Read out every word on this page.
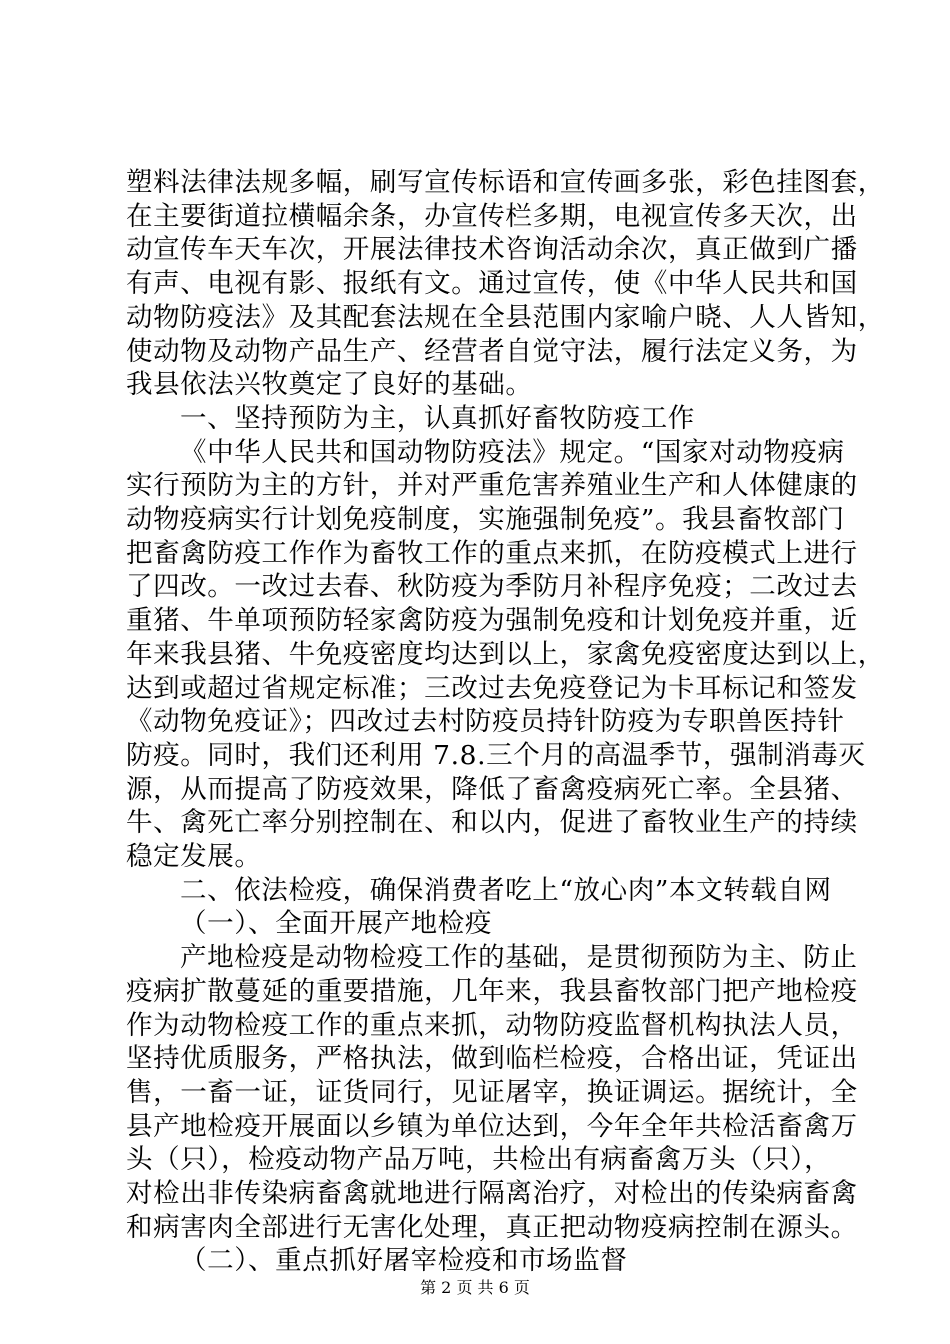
塑料法律法规多幅，刷写宣传标语和宣传画多张，彩色挂图套，
在主要街道拉横幅余条，办宣传栏多期，电视宣传多天次，出
动宣传车天车次，开展法律技术咨询活动余次，真正做到广播
有声、电视有影、报纸有文。通过宣传，使《中华人民共和国
动物防疫法》及其配套法规在全县范围内家喻户晓、人人皆知，
使动物及动物产品生产、经营者自觉守法，履行法定义务，为
我县依法兴牧奠定了良好的基础。
一、坚持预防为主，认真抓好畜牧防疫工作
《中华人民共和国动物防疫法》规定。“国家对动物疫病
实行预防为主的方针，并对严重危害养殖业生产和人体健康的
动物疫病实行计划免疫制度，实施强制免疫”。我县畜牧部门
把畜禽防疫工作作为畜牧工作的重点来抓，在防疫模式上进行
了四改。一改过去春、秋防疫为季防月补程序免疫；二改过去
重猪、牛单项预防轻家禽防疫为强制免疫和计划免疫并重，近
年来我县猪、牛免疫密度均达到以上，家禽免疫密度达到以上，
达到或超过省规定标准；三改过去免疫登记为卡耳标记和签发
《动物免疫证》；四改过去村防疫员持针防疫为专职兽医持针
防疫。同时，我们还利用 7.8.三个月的高温季节，强制消毒灭
源，从而提高了防疫效果，降低了畜禽疫病死亡率。全县猪、
牛、禽死亡率分别控制在、和以内，促进了畜牧业生产的持续
稳定发展。
二、依法检疫，确保消费者吃上“放心肉”本文转载自网
（一）、全面开展产地检疫
产地检疫是动物检疫工作的基础，是贯彻预防为主、防止
疫病扩散蔓延的重要措施，几年来，我县畜牧部门把产地检疫
作为动物检疫工作的重点来抓，动物防疫监督机构执法人员，
坚持优质服务，严格执法，做到临栏检疫，合格出证，凭证出
售，一畜一证，证货同行，见证屠宰，换证调运。据统计，全
县产地检疫开展面以乡镇为单位达到，今年全年共检活畜禽万
头（只），检疫动物产品万吨，共检出有病畜禽万头（只），
对检出非传染病畜禽就地进行隔离治疗，对检出的传染病畜禽
和病害肉全部进行无害化处理，真正把动物疫病控制在源头。
（二）、重点抓好屠宰检疫和市场监督
第 2 页 共 6 页
